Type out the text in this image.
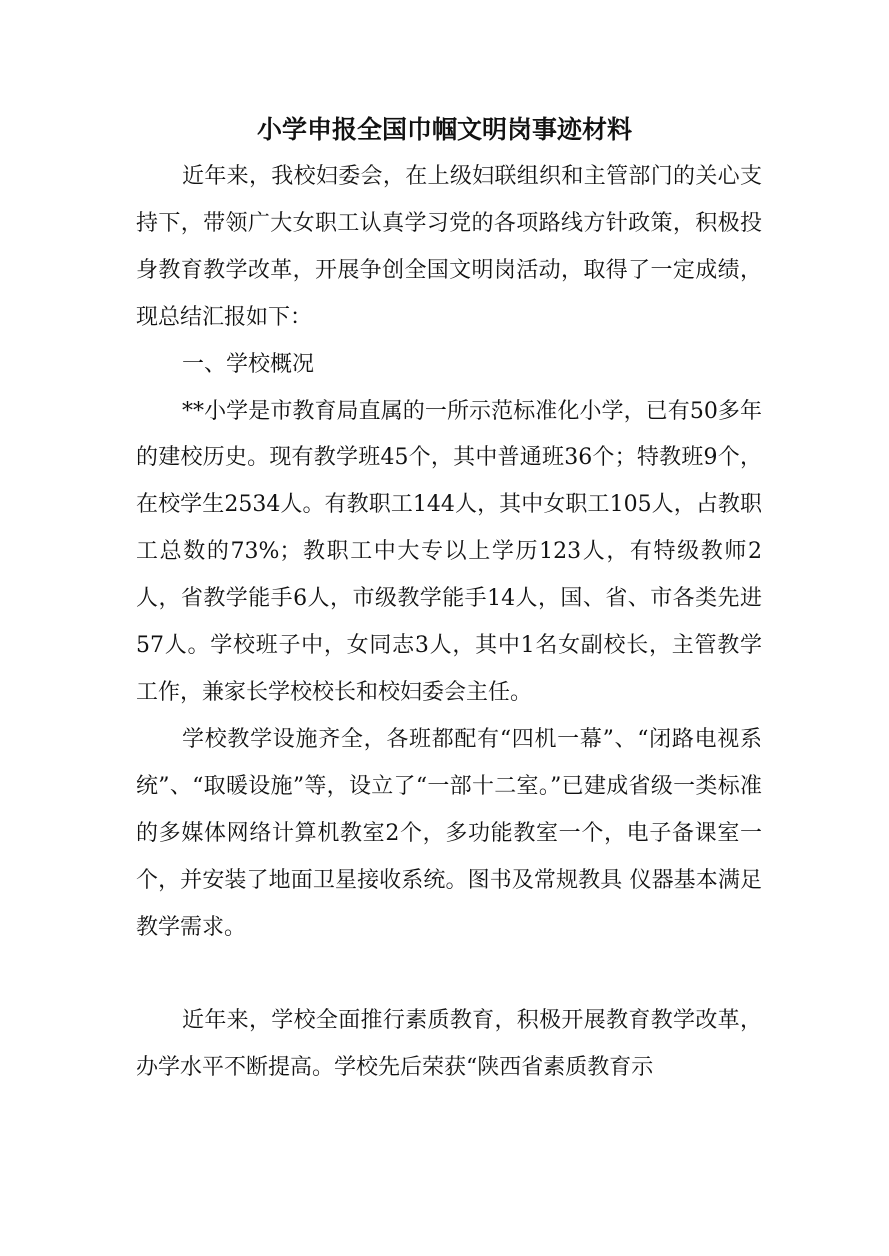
小学申报全国巾帼文明岗事迹材料

近年来，我校妇委会，在上级妇联组织和主管部门的关心支持下，带领广大女职工认真学习党的各项路线方针政策，积极投身教育教学改革，开展争创全国文明岗活动，取得了一定成绩，现总结汇报如下：

一、学校概况

**小学是市教育局直属的一所示范标准化小学，已有50多年的建校历史。现有教学班45个，其中普通班36个；特教班9个，在校学生2534人。有教职工144人，其中女职工105人，占教职工总数的73%；教职工中大专以上学历123人，有特级教师2人，省教学能手6人，市级教学能手14人，国、省、市各类先进57人。学校班子中，女同志3人，其中1名女副校长，主管教学工作，兼家长学校校长和校妇委会主任。

学校教学设施齐全，各班都配有“四机一幕”、“闭路电视系统”、“取暖设施”等，设立了“一部十二室。”已建成省级一类标准的多媒体网络计算机教室2个，多功能教室一个，电子备课室一个，并安装了地面卫星接收系统。图书及常规教具 仪器基本满足教学需求。

近年来，学校全面推行素质教育，积极开展教育教学改革，办学水平不断提高。学校先后荣获“陕西省素质教育示
